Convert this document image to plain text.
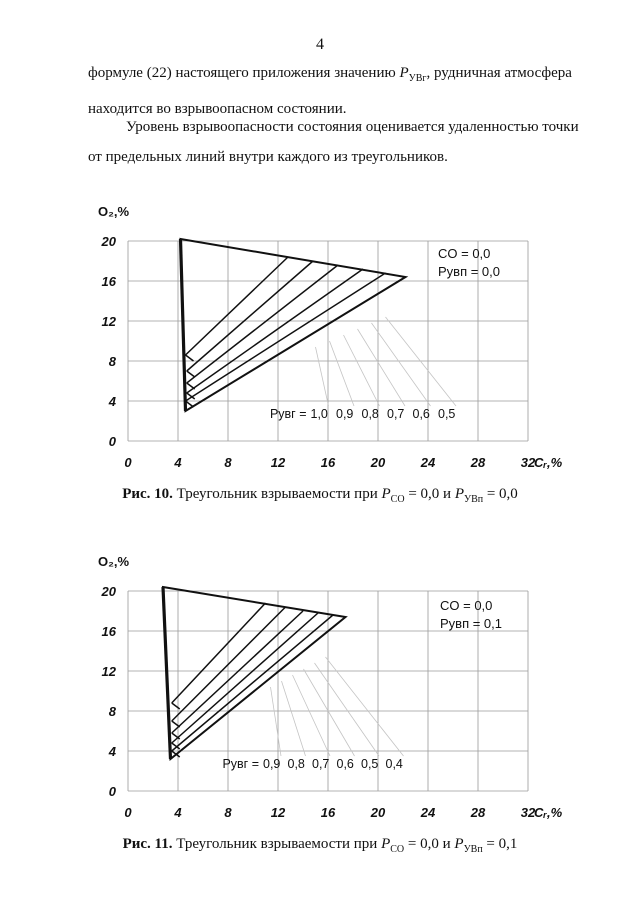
4
формуле (22) настоящего приложения значению $P_{УВг}$, рудничная атмосфера находится во взрывоопасном состоянии.
Уровень взрывоопасности состояния оценивается удаленностью точки от предельных линий внутри каждого из треугольников.
0	4	8	12	16	20	24	28	32
0
4
8
12
16
20
O₂,%
Cᵣ,%
Pувг = 1,0 0,9 0,8 0,7 0,6 0,5
CO = 0,0
Pувп = 0,0
Рис. 10. Треугольник взрываемости при $P_{CO} = 0,0$ и $P_{УВп} = 0,0$
0	4	8	12	16	20	24	28	32
0
4
8
12
16
20
O₂,%
Cᵣ,%
Pувг = 0,9 0,8 0,7 0,6 0,5 0,4
CO = 0,0
Pувп = 0,1
Рис. 11. Треугольник взрываемости при $P_{CO} = 0,0$ и $P_{УВп} = 0,1$
